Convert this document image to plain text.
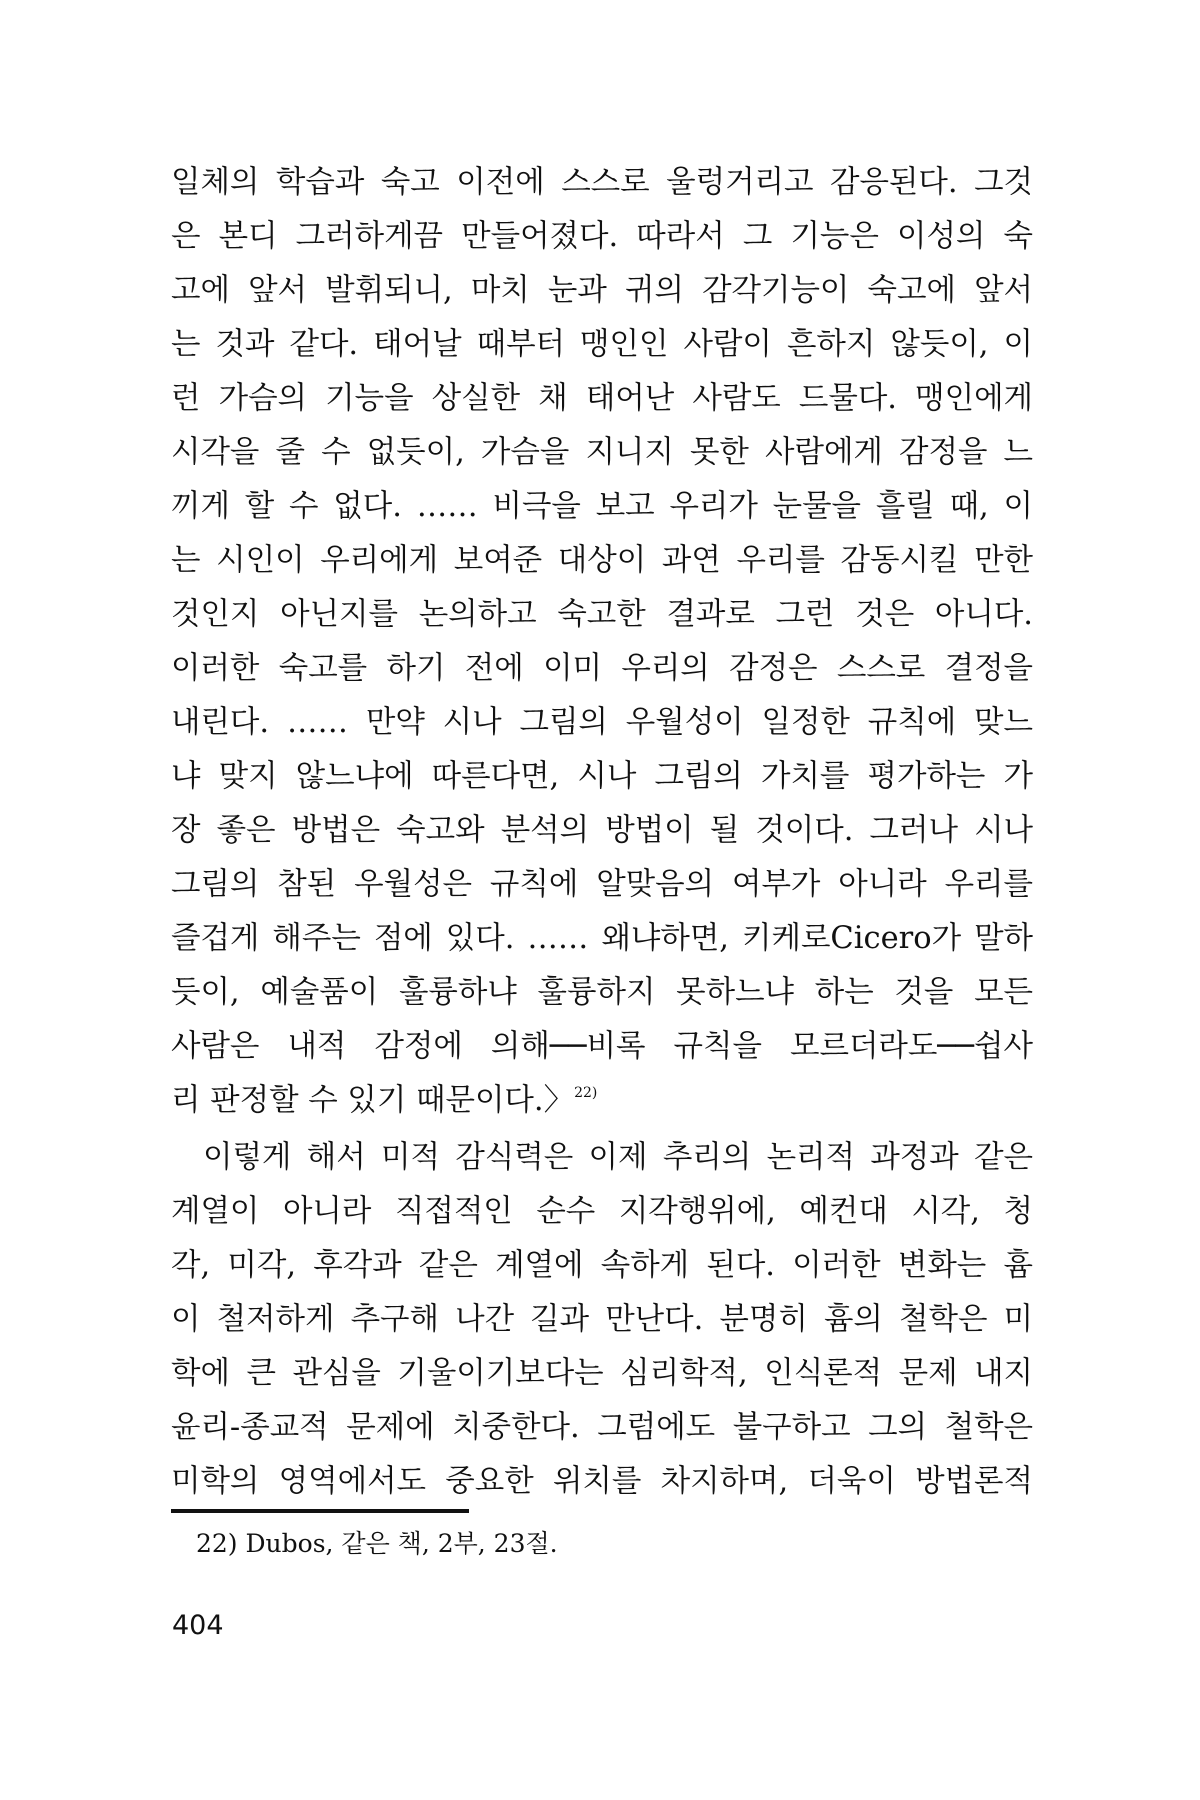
일체의 학습과 숙고 이전에 스스로 울렁거리고 감응된다. 그것
은 본디 그러하게끔 만들어졌다. 따라서 그 기능은 이성의 숙
고에 앞서 발휘되니, 마치 눈과 귀의 감각기능이 숙고에 앞서
는 것과 같다. 태어날 때부터 맹인인 사람이 흔하지 않듯이, 이
런 가슴의 기능을 상실한 채 태어난 사람도 드물다. 맹인에게
시각을 줄 수 없듯이, 가슴을 지니지 못한 사람에게 감정을 느
끼게 할 수 없다. …… 비극을 보고 우리가 눈물을 흘릴 때, 이
는 시인이 우리에게 보여준 대상이 과연 우리를 감동시킬 만한
것인지 아닌지를 논의하고 숙고한 결과로 그런 것은 아니다.
이러한 숙고를 하기 전에 이미 우리의 감정은 스스로 결정을
내린다. …… 만약 시나 그림의 우월성이 일정한 규칙에 맞느
냐 맞지 않느냐에 따른다면, 시나 그림의 가치를 평가하는 가
장 좋은 방법은 숙고와 분석의 방법이 될 것이다. 그러나 시나
그림의 참된 우월성은 규칙에 알맞음의 여부가 아니라 우리를
즐겁게 해주는 점에 있다. …… 왜냐하면, 키케로Cicero가 말하
듯이, 예술품이 훌륭하냐 훌륭하지 못하느냐 하는 것을 모든
사람은 내적 감정에 의해──비록 규칙을 모르더라도──쉽사
리 판정할 수 있기 때문이다.〉$^{22)}$
이렇게 해서 미적 감식력은 이제 추리의 논리적 과정과 같은
계열이 아니라 직접적인 순수 지각행위에, 예컨대 시각, 청
각, 미각, 후각과 같은 계열에 속하게 된다. 이러한 변화는 흄
이 철저하게 추구해 나간 길과 만난다. 분명히 흄의 철학은 미
학에 큰 관심을 기울이기보다는 심리학적, 인식론적 문제 내지
윤리-종교적 문제에 치중한다. 그럼에도 불구하고 그의 철학은
미학의 영역에서도 중요한 위치를 차지하며, 더욱이 방법론적
22) Dubos, 같은 책, 2부, 23절.
404
